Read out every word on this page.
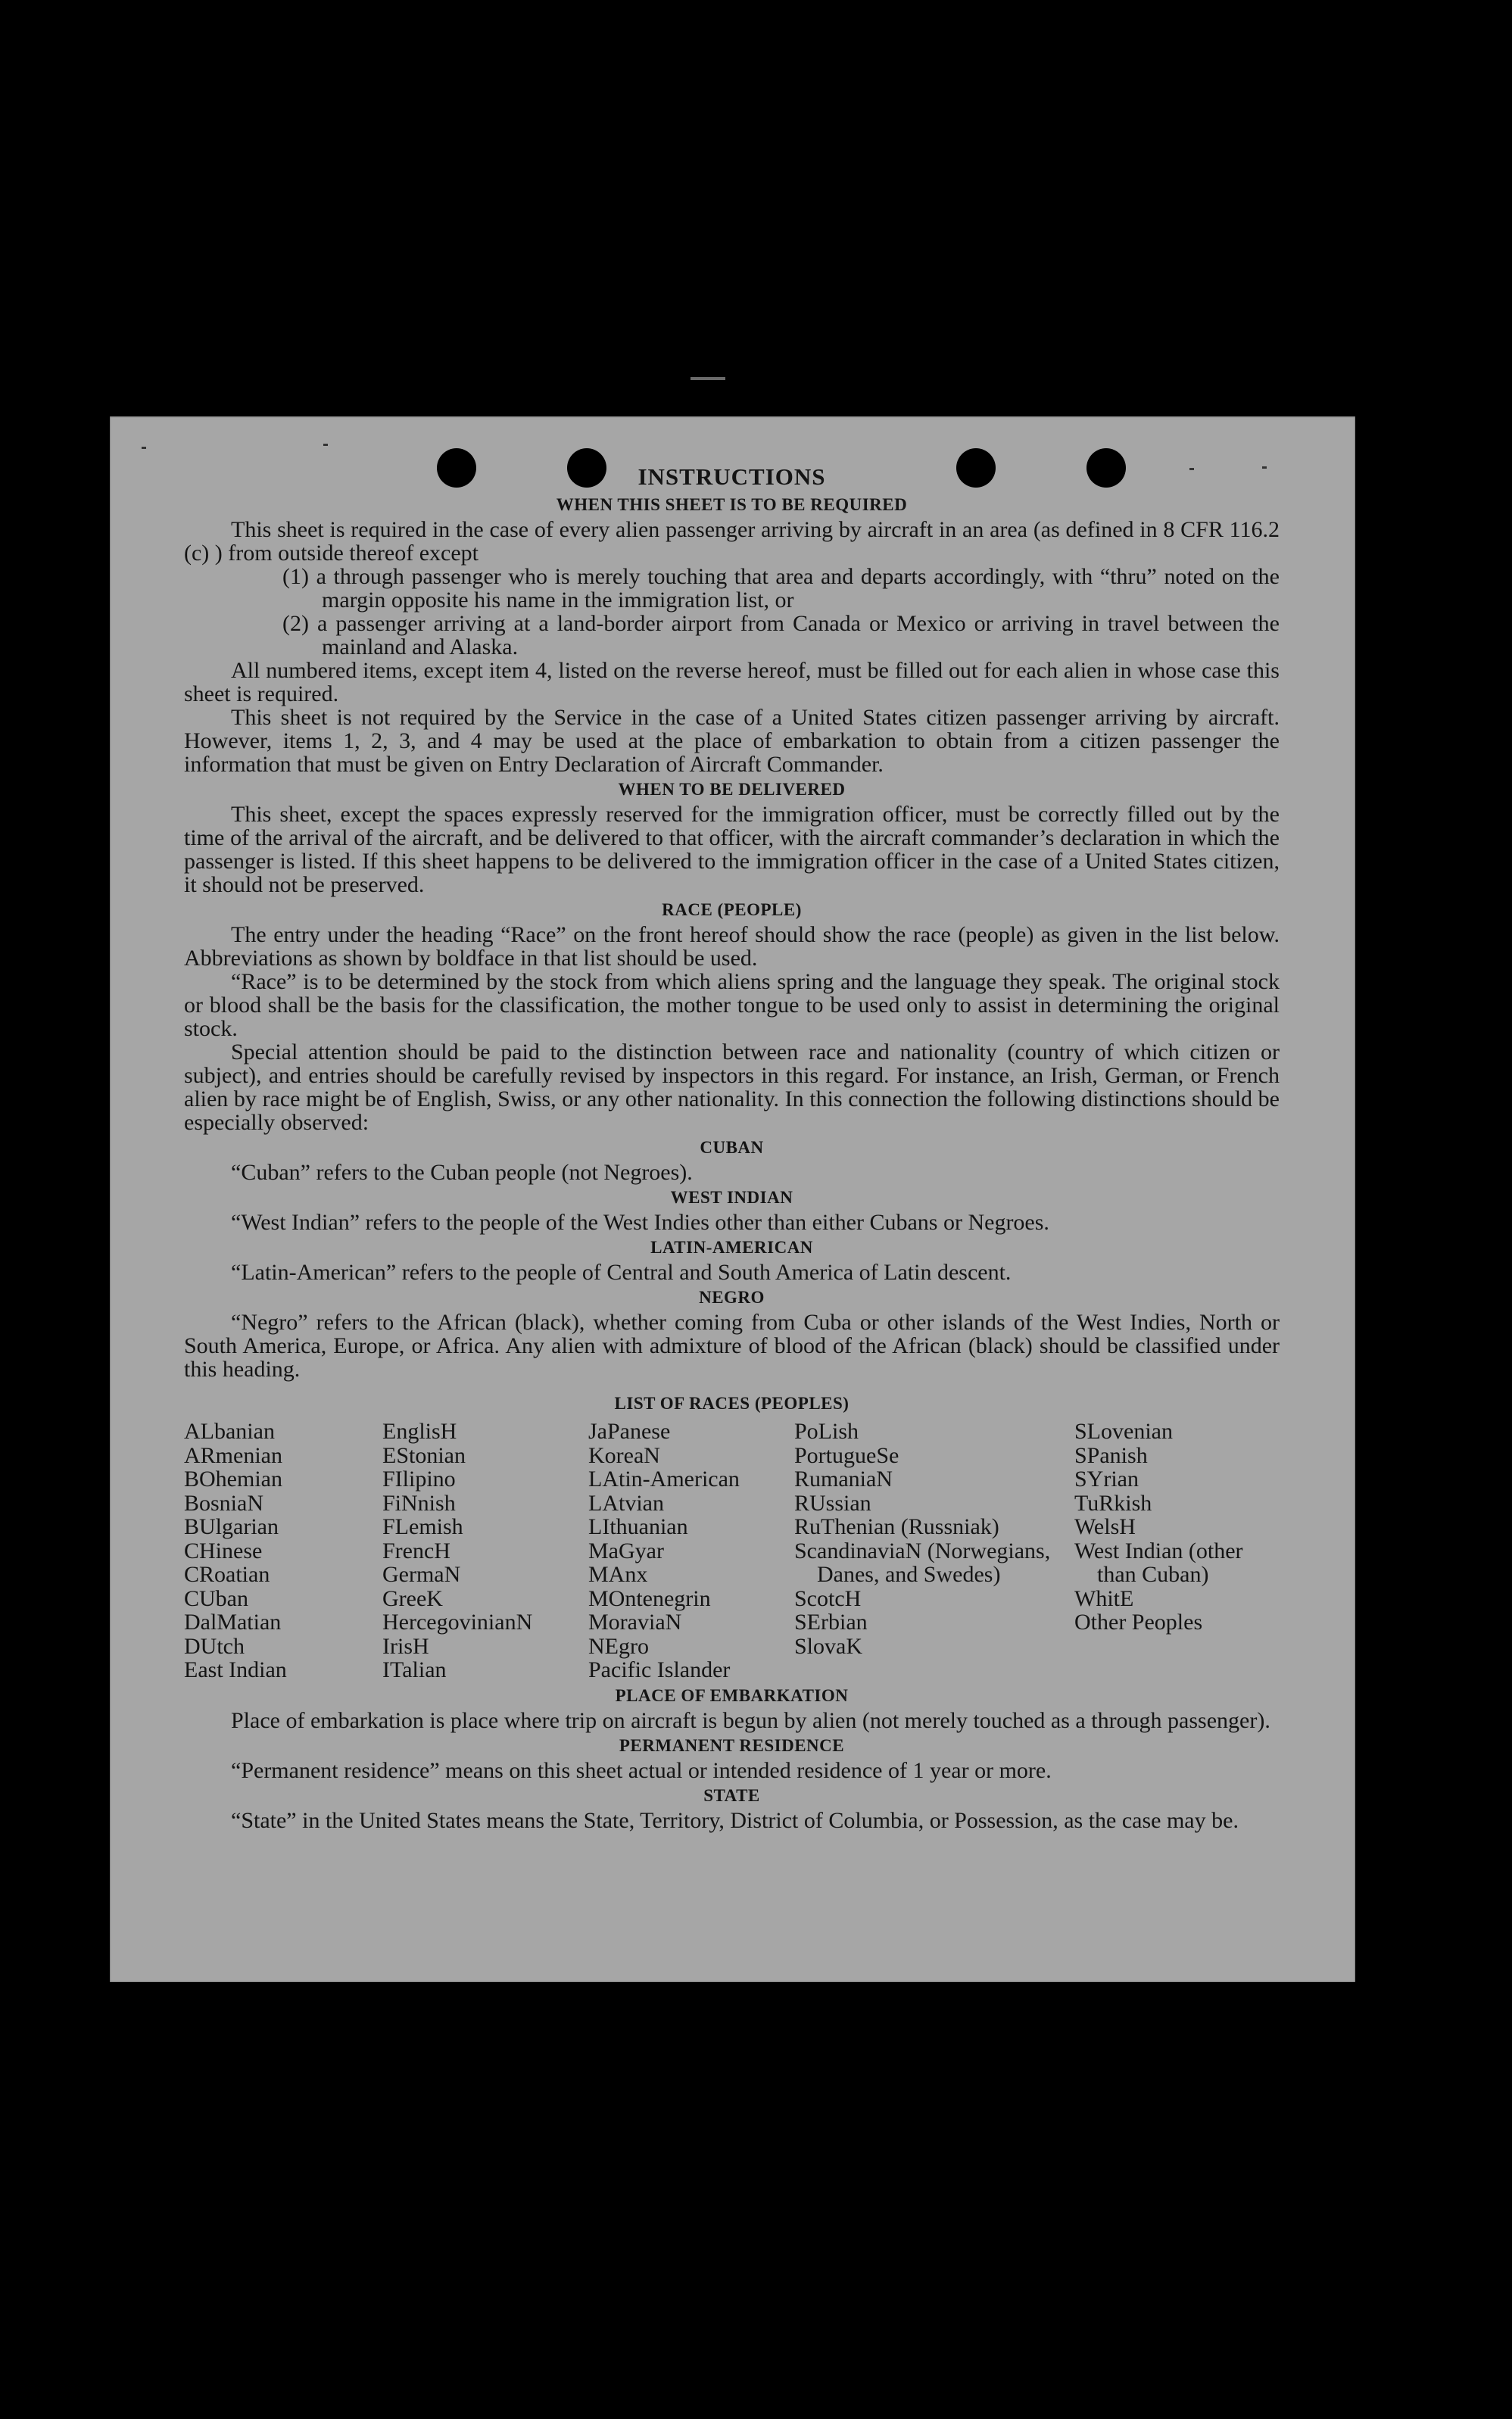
INSTRUCTIONS
WHEN THIS SHEET IS TO BE REQUIRED

This sheet is required in the case of every alien passenger arriving by aircraft in an area (as defined in 8 CFR 116.2 (c) ) from outside thereof except

(1) a through passenger who is merely touching that area and departs accordingly, with “thru” noted on the margin opposite his name in the immigration list, or

(2) a passenger arriving at a land-border airport from Canada or Mexico or arriving in travel between the mainland and Alaska.

All numbered items, except item 4, listed on the reverse hereof, must be filled out for each alien in whose case this sheet is required.

This sheet is not required by the Service in the case of a United States citizen passenger arriving by aircraft. However, items 1, 2, 3, and 4 may be used at the place of embarkation to obtain from a citizen passenger the information that must be given on Entry Declaration of Aircraft Commander.

WHEN TO BE DELIVERED

This sheet, except the spaces expressly reserved for the immigration officer, must be correctly filled out by the time of the arrival of the aircraft, and be delivered to that officer, with the aircraft commander’s declaration in which the passenger is listed. If this sheet happens to be delivered to the immigration officer in the case of a United States citizen, it should not be preserved.

RACE (PEOPLE)

The entry under the heading “Race” on the front hereof should show the race (people) as given in the list below. Abbreviations as shown by boldface in that list should be used.

“Race” is to be determined by the stock from which aliens spring and the language they speak. The original stock or blood shall be the basis for the classification, the mother tongue to be used only to assist in determining the original stock.

Special attention should be paid to the distinction between race and nationality (country of which citizen or subject), and entries should be carefully revised by inspectors in this regard. For instance, an Irish, German, or French alien by race might be of English, Swiss, or any other nationality. In this connection the following distinctions should be especially observed:

CUBAN

“Cuban” refers to the Cuban people (not Negroes).

WEST INDIAN

“West Indian” refers to the people of the West Indies other than either Cubans or Negroes.

LATIN-AMERICAN

“Latin-American” refers to the people of Central and South America of Latin descent.

NEGRO

“Negro” refers to the African (black), whether coming from Cuba or other islands of the West Indies, North or South America, Europe, or Africa. Any alien with admixture of blood of the African (black) should be classified under this heading.

LIST OF RACES (PEOPLES)
ALbanian
ARmenian
BOhemian
BosniaN
BUlgarian
CHinese
CRoatian
CUban
DalMatian
DUtch
East Indian
EnglisH
EStonian
FIlipino
FiNnish
FLemish
FrencH
GermaN
GreeK
HercegovinianN
IrisH
ITalian
JaPanese
KoreaN
LAtin-American
LAtvian
LIthuanian
MaGyar
MAnx
MOntenegrin
MoraviaN
NEgro
Pacific Islander
PoLish
PortugueSe
RumaniaN
RUssian
RuThenian (Russniak)
ScandinaviaN (Norwegians, Danes, and Swedes)
ScotcH
SErbian
SlovaK
SLovenian
SPanish
SYrian
TuRkish
WelsH
West Indian (other than Cuban)
WhitE
Other Peoples
PLACE OF EMBARKATION

Place of embarkation is place where trip on aircraft is begun by alien (not merely touched as a through passenger).

PERMANENT RESIDENCE

“Permanent residence” means on this sheet actual or intended residence of 1 year or more.

STATE

“State” in the United States means the State, Territory, District of Columbia, or Possession, as the case may be.
